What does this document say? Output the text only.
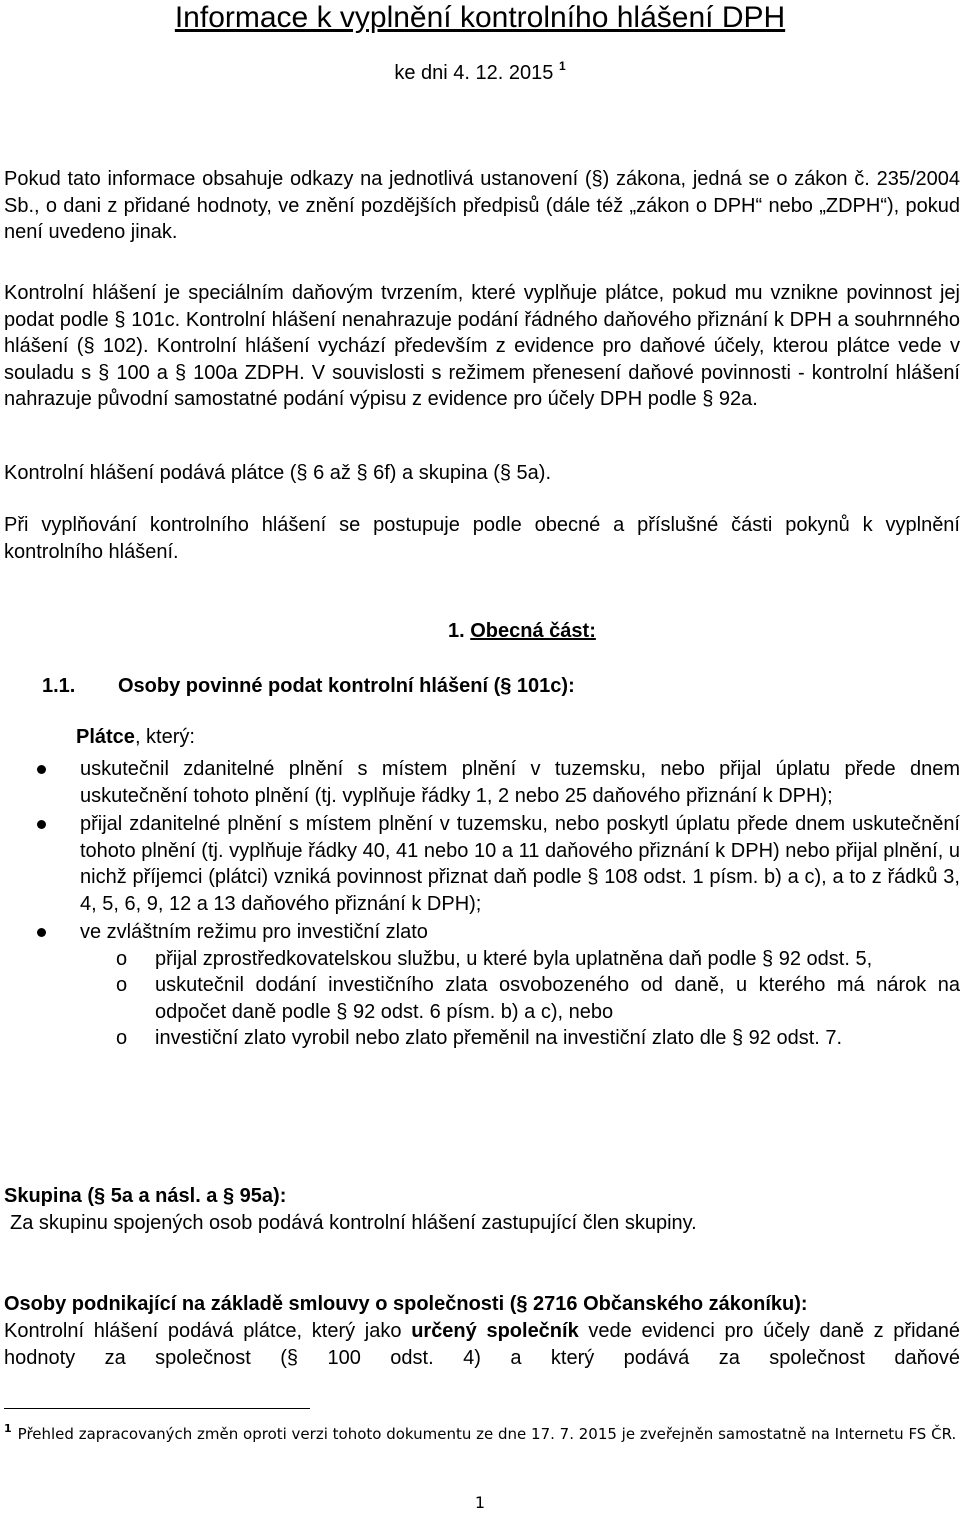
Informace k vyplnění kontrolního hlášení DPH

ke dni 4. 12. 2015 $^1$

Pokud tato informace obsahuje odkazy na jednotlivá ustanovení (§) zákona, jedná se o zákon č. 235/2004 Sb., o dani z přidané hodnoty, ve znění pozdějších předpisů (dále též „zákon o DPH“ nebo „ZDPH“), pokud není uvedeno jinak.

Kontrolní hlášení je speciálním daňovým tvrzením, které vyplňuje plátce, pokud mu vznikne povinnost jej podat podle § 101c. Kontrolní hlášení nenahrazuje podání řádného daňového přiznání k DPH a souhrnného hlášení (§ 102). Kontrolní hlášení vychází především z evidence pro daňové účely, kterou plátce vede v souladu s § 100 a § 100a ZDPH. V souvislosti s režimem přenesení daňové povinnosti - kontrolní hlášení nahrazuje původní samostatné podání výpisu z evidence pro účely DPH podle § 92a.

Kontrolní hlášení podává plátce (§ 6 až § 6f) a skupina (§ 5a).

Při vyplňování kontrolního hlášení se postupuje podle obecné a příslušné části pokynů k vyplnění kontrolního hlášení.

1. Obecná část:

1.1. Osoby povinné podat kontrolní hlášení (§ 101c):

Plátce, který:

uskutečnil zdanitelné plnění s místem plnění v tuzemsku, nebo přijal úplatu přede dnem uskutečnění tohoto plnění (tj. vyplňuje řádky 1, 2 nebo 25 daňového přiznání k DPH);
přijal zdanitelné plnění s místem plnění v tuzemsku, nebo poskytl úplatu přede dnem uskutečnění tohoto plnění (tj. vyplňuje řádky 40, 41 nebo 10 a 11 daňového přiznání k DPH) nebo přijal plnění, u nichž příjemci (plátci) vzniká povinnost přiznat daň podle § 108 odst. 1 písm. b) a c), a to z řádků 3, 4, 5, 6, 9, 12 a 13 daňového přiznání k DPH);
ve zvláštním režimu pro investiční zlato
o přijal zprostředkovatelskou službu, u které byla uplatněna daň podle § 92 odst. 5,
o uskutečnil dodání investičního zlata osvobozeného od daně, u kterého má nárok na odpočet daně podle § 92 odst. 6 písm. b) a c), nebo
o investiční zlato vyrobil nebo zlato přeměnil na investiční zlato dle § 92 odst. 7.

Skupina (§ 5a a násl. a § 95a):

Za skupinu spojených osob podává kontrolní hlášení zastupující člen skupiny.

Osoby podnikající na základě smlouvy o společnosti (§ 2716 Občanského zákoníku):

Kontrolní hlášení podává plátce, který jako určený společník vede evidenci pro účely daně z přidané hodnoty za společnost (§ 100 odst. 4) a který podává za společnost daňové

$^1$ Přehled zapracovaných změn oproti verzi tohoto dokumentu ze dne 17. 7. 2015 je zveřejněn samostatně na Internetu FS ČR.

1
